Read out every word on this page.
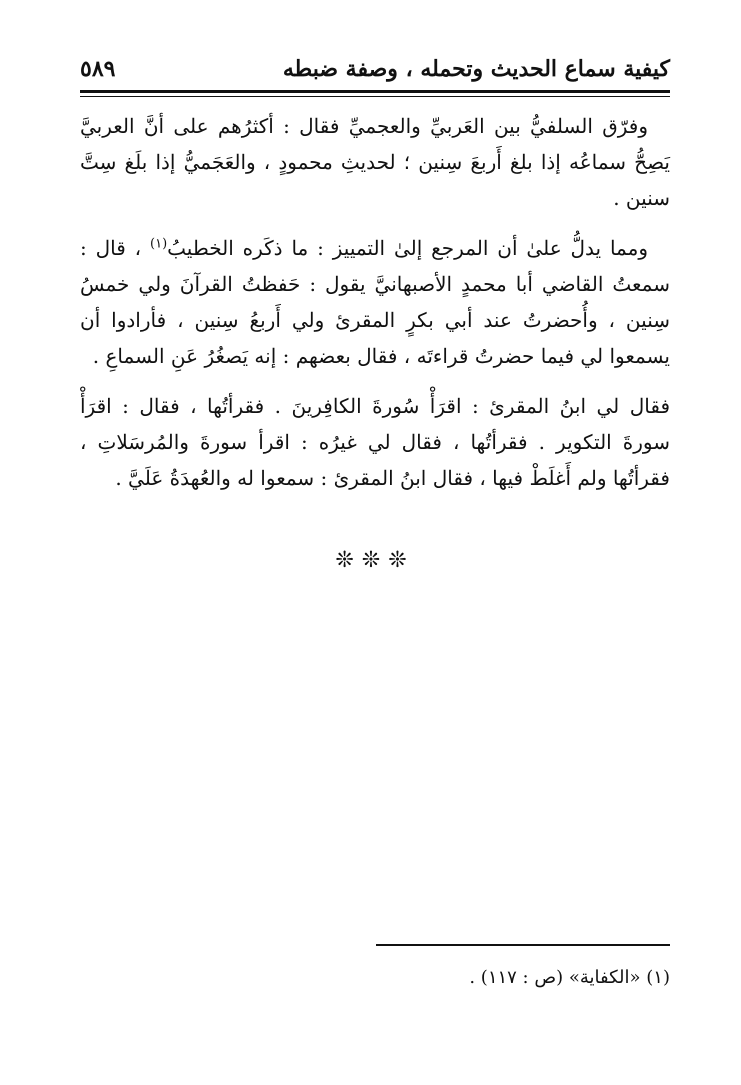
كيفية سماع الحديث وتحمله ، وصفة ضبطه
٥٨٩

وفرّق السلفيُّ بين العَربيِّ والعجميِّ فقال : أكثرُهم على أنَّ العربيَّ يَصِحُّ سماعُه إذا بلغ أَربعَ سِنين ؛ لحديثِ محمودٍ ، والعَجَميُّ إذا بلَغ سِتَّ سنين .

ومما يدلُّ علىٰ أن المرجع إلىٰ التمييز : ما ذكَره الخطيبُ$^{(١)}$ ، قال : سمعتُ القاضي أبا محمدٍ الأصبهانيَّ يقول : حَفظتُ القرآنَ ولي خمسُ سِنين ، وأُحضرتُ عند أبي بكرٍ المقرئ ولي أَربعُ سِنين ، فأرادوا أن يسمعوا لي فيما حضرتُ قراءتَه ، فقال بعضهم : إنه يَصغُرُ عَنِ السماعِ .

فقال لي ابنُ المقرئ : اقرَأْ سُورةَ الكافِرينَ . فقرأتُها ، فقال : اقرَأْ سورةَ التكوير . فقرأتُها ، فقال لي غيرُه : اقرأ سورةَ والمُرسَلاتِ ، فقرأتُها ولم أَغلَطْ فيها ، فقال ابنُ المقرئ : سمعوا له والعُهدَةُ عَلَيَّ .

❊❊❊
(١) «الكفاية» (ص : ١١٧) .
